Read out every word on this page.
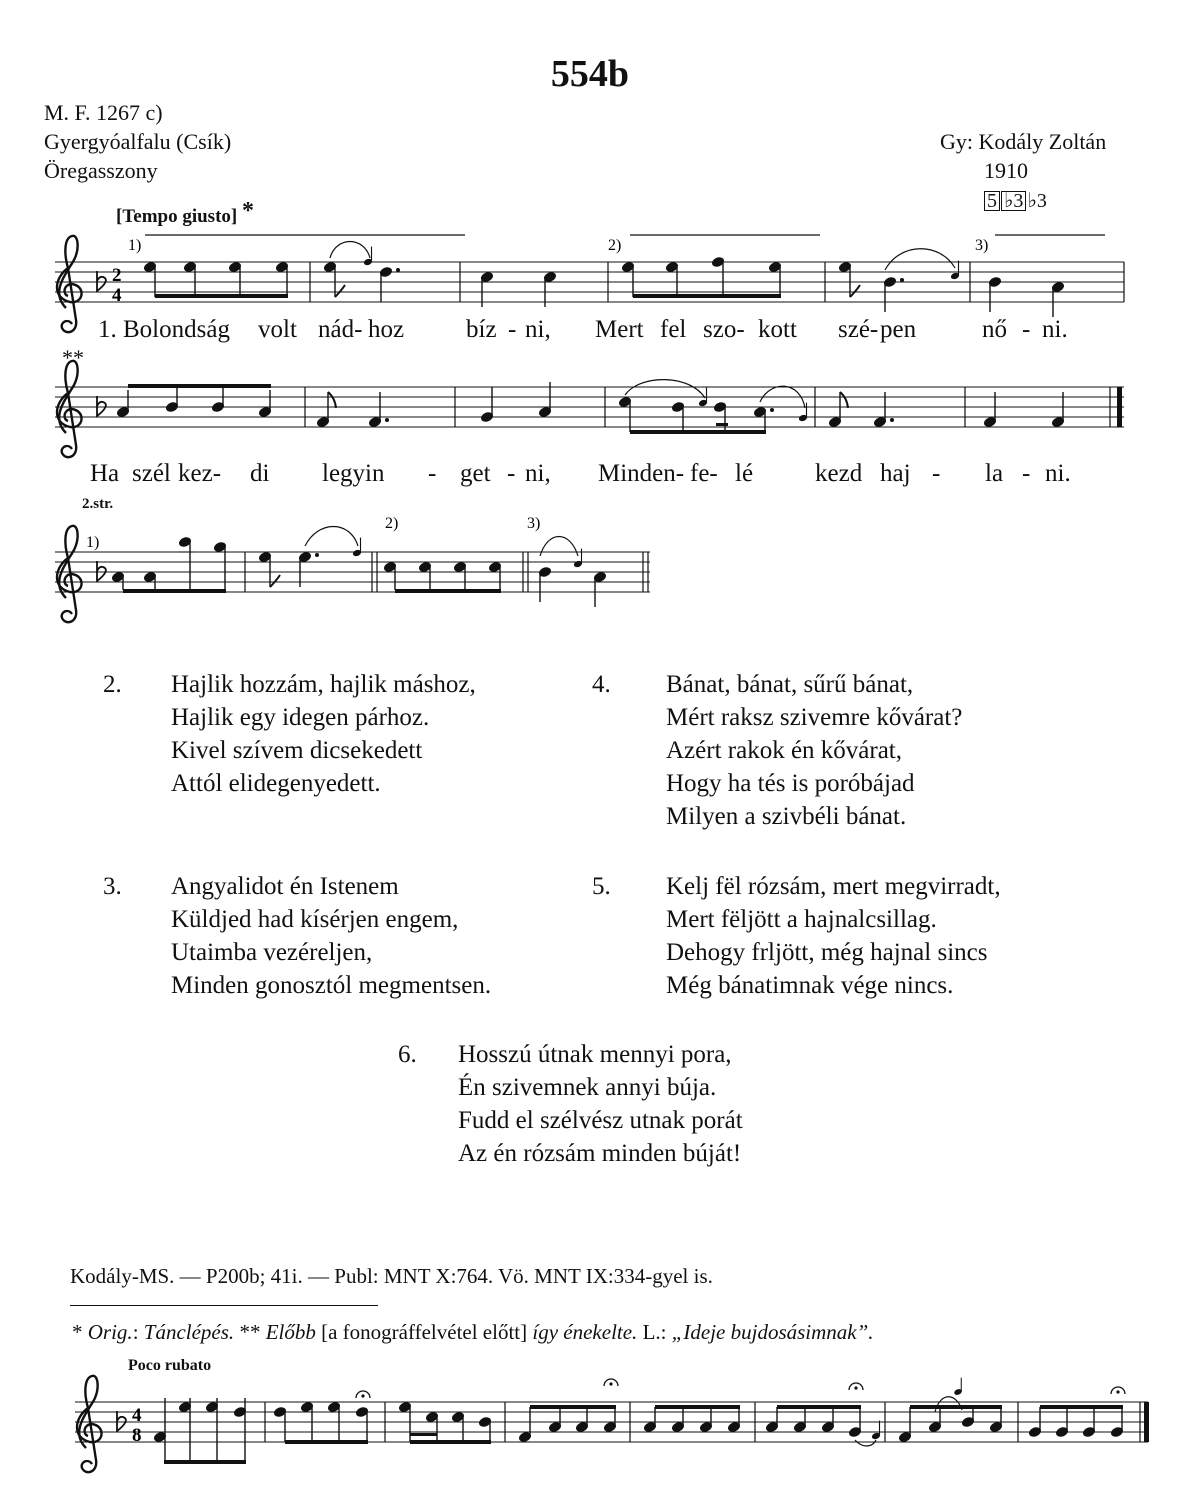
554b
M. F. 1267 c)
Gyergyóalfalu (Csík)
Öregasszony
Gy: Kodály Zoltán
1910
5 ♭3 ♭3
[Tempo giusto] *
2
4
1)	2)	3)
1)
2)	3)
4
8
**
1. Bolondság volt nád- hoz bíz - ni, Mert fel szo- kott szé- pen	nő - ni.
Ha szél kez- di legyin - get - ni, Minden- fe- lé kezd haj - la - ni.
2.str.
2. Hajlik hozzám, hajlik máshoz,
Hajlik egy idegen párhoz.
Kivel szívem dicsekedett
Attól elidegenyedett.
4. Bánat, bánat, sűrű bánat,
Mért raksz szivemre kővárat?
Azért rakok én kővárat,
Hogy ha tés is poróbájad
Milyen a szivbéli bánat.
3. Angyalidot én Istenem
Küldjed had kísérjen engem,
Utaimba vezéreljen,
Minden gonosztól megmentsen.
5. Kelj fël rózsám, mert megvirradt,
Mert fëljött a hajnalcsillag.
Dehogy frljött, még hajnal sincs
Még bánatimnak vége nincs.
6. Hosszú útnak mennyi pora,
Én szivemnek annyi búja.
Fudd el szélvész utnak porát
Az én rózsám minden búját!
Kodály-MS. — P200b; 41i. — Publ: MNT X:764. Vö. MNT IX:334-gyel is.
* Orig.: Tánclépés. ** Előbb [a fonográffelvétel előtt] így énekelte. L.: „Ideje bujdosásimnak”.
Poco rubato
